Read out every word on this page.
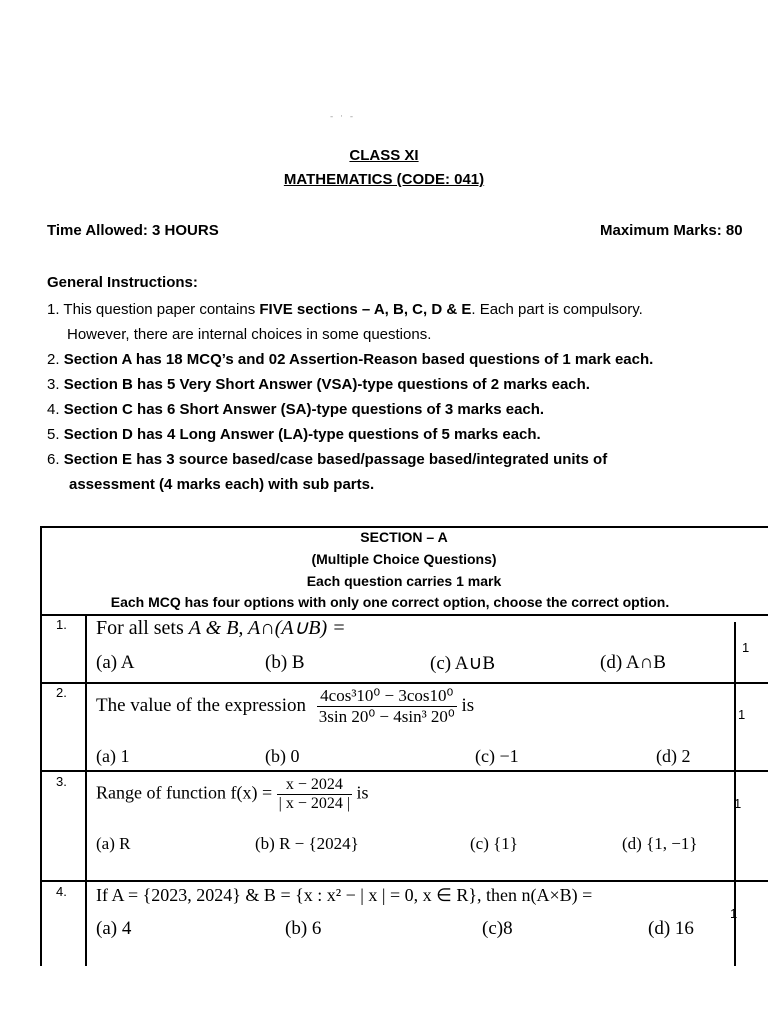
- · -
CLASS XI
MATHEMATICS (CODE: 041)
Time Allowed: 3 HOURS	Maximum Marks: 80
General Instructions:
1. This question paper contains FIVE sections – A, B, C, D & E. Each part is compulsory.
However, there are internal choices in some questions.
2. Section A has 18 MCQ’s and 02 Assertion-Reason based questions of 1 mark each.
3. Section B has 5 Very Short Answer (VSA)-type questions of 2 marks each.
4. Section C has 6 Short Answer (SA)-type questions of 3 marks each.
5. Section D has 4 Long Answer (LA)-type questions of 5 marks each.
6. Section E has 3 source based/case based/passage based/integrated units of
assessment (4 marks each) with sub parts.
SECTION – A
(Multiple Choice Questions)
Each question carries 1 mark
Each MCQ has four options with only one correct option, choose the correct option.
1. For all sets A & B, A∩(A∪B) =
(a) A	(b) B	(c) A∪B	(d) A∩B
1
2.
The value of the expression $\frac{\text{4cos³10⁰ − 3cos10⁰}}{\text{3sin 20⁰ − 4sin³ 20⁰}}$ is
(a) 1	(b) 0	(c) −1	(d) 2
1
3.
Range of function $f(x) = \frac{x - 2024}{| x - 2024 |}$ is
(a) R	(b) R − {2024}	(c) {1}	(d) {1, −1}
1
4. If A = {2023, 2024} & B = {x : x² − | x | = 0, x ∈ R}, then n(A×B) =
(a) 4	(b) 6	(c)8	(d) 16
1
